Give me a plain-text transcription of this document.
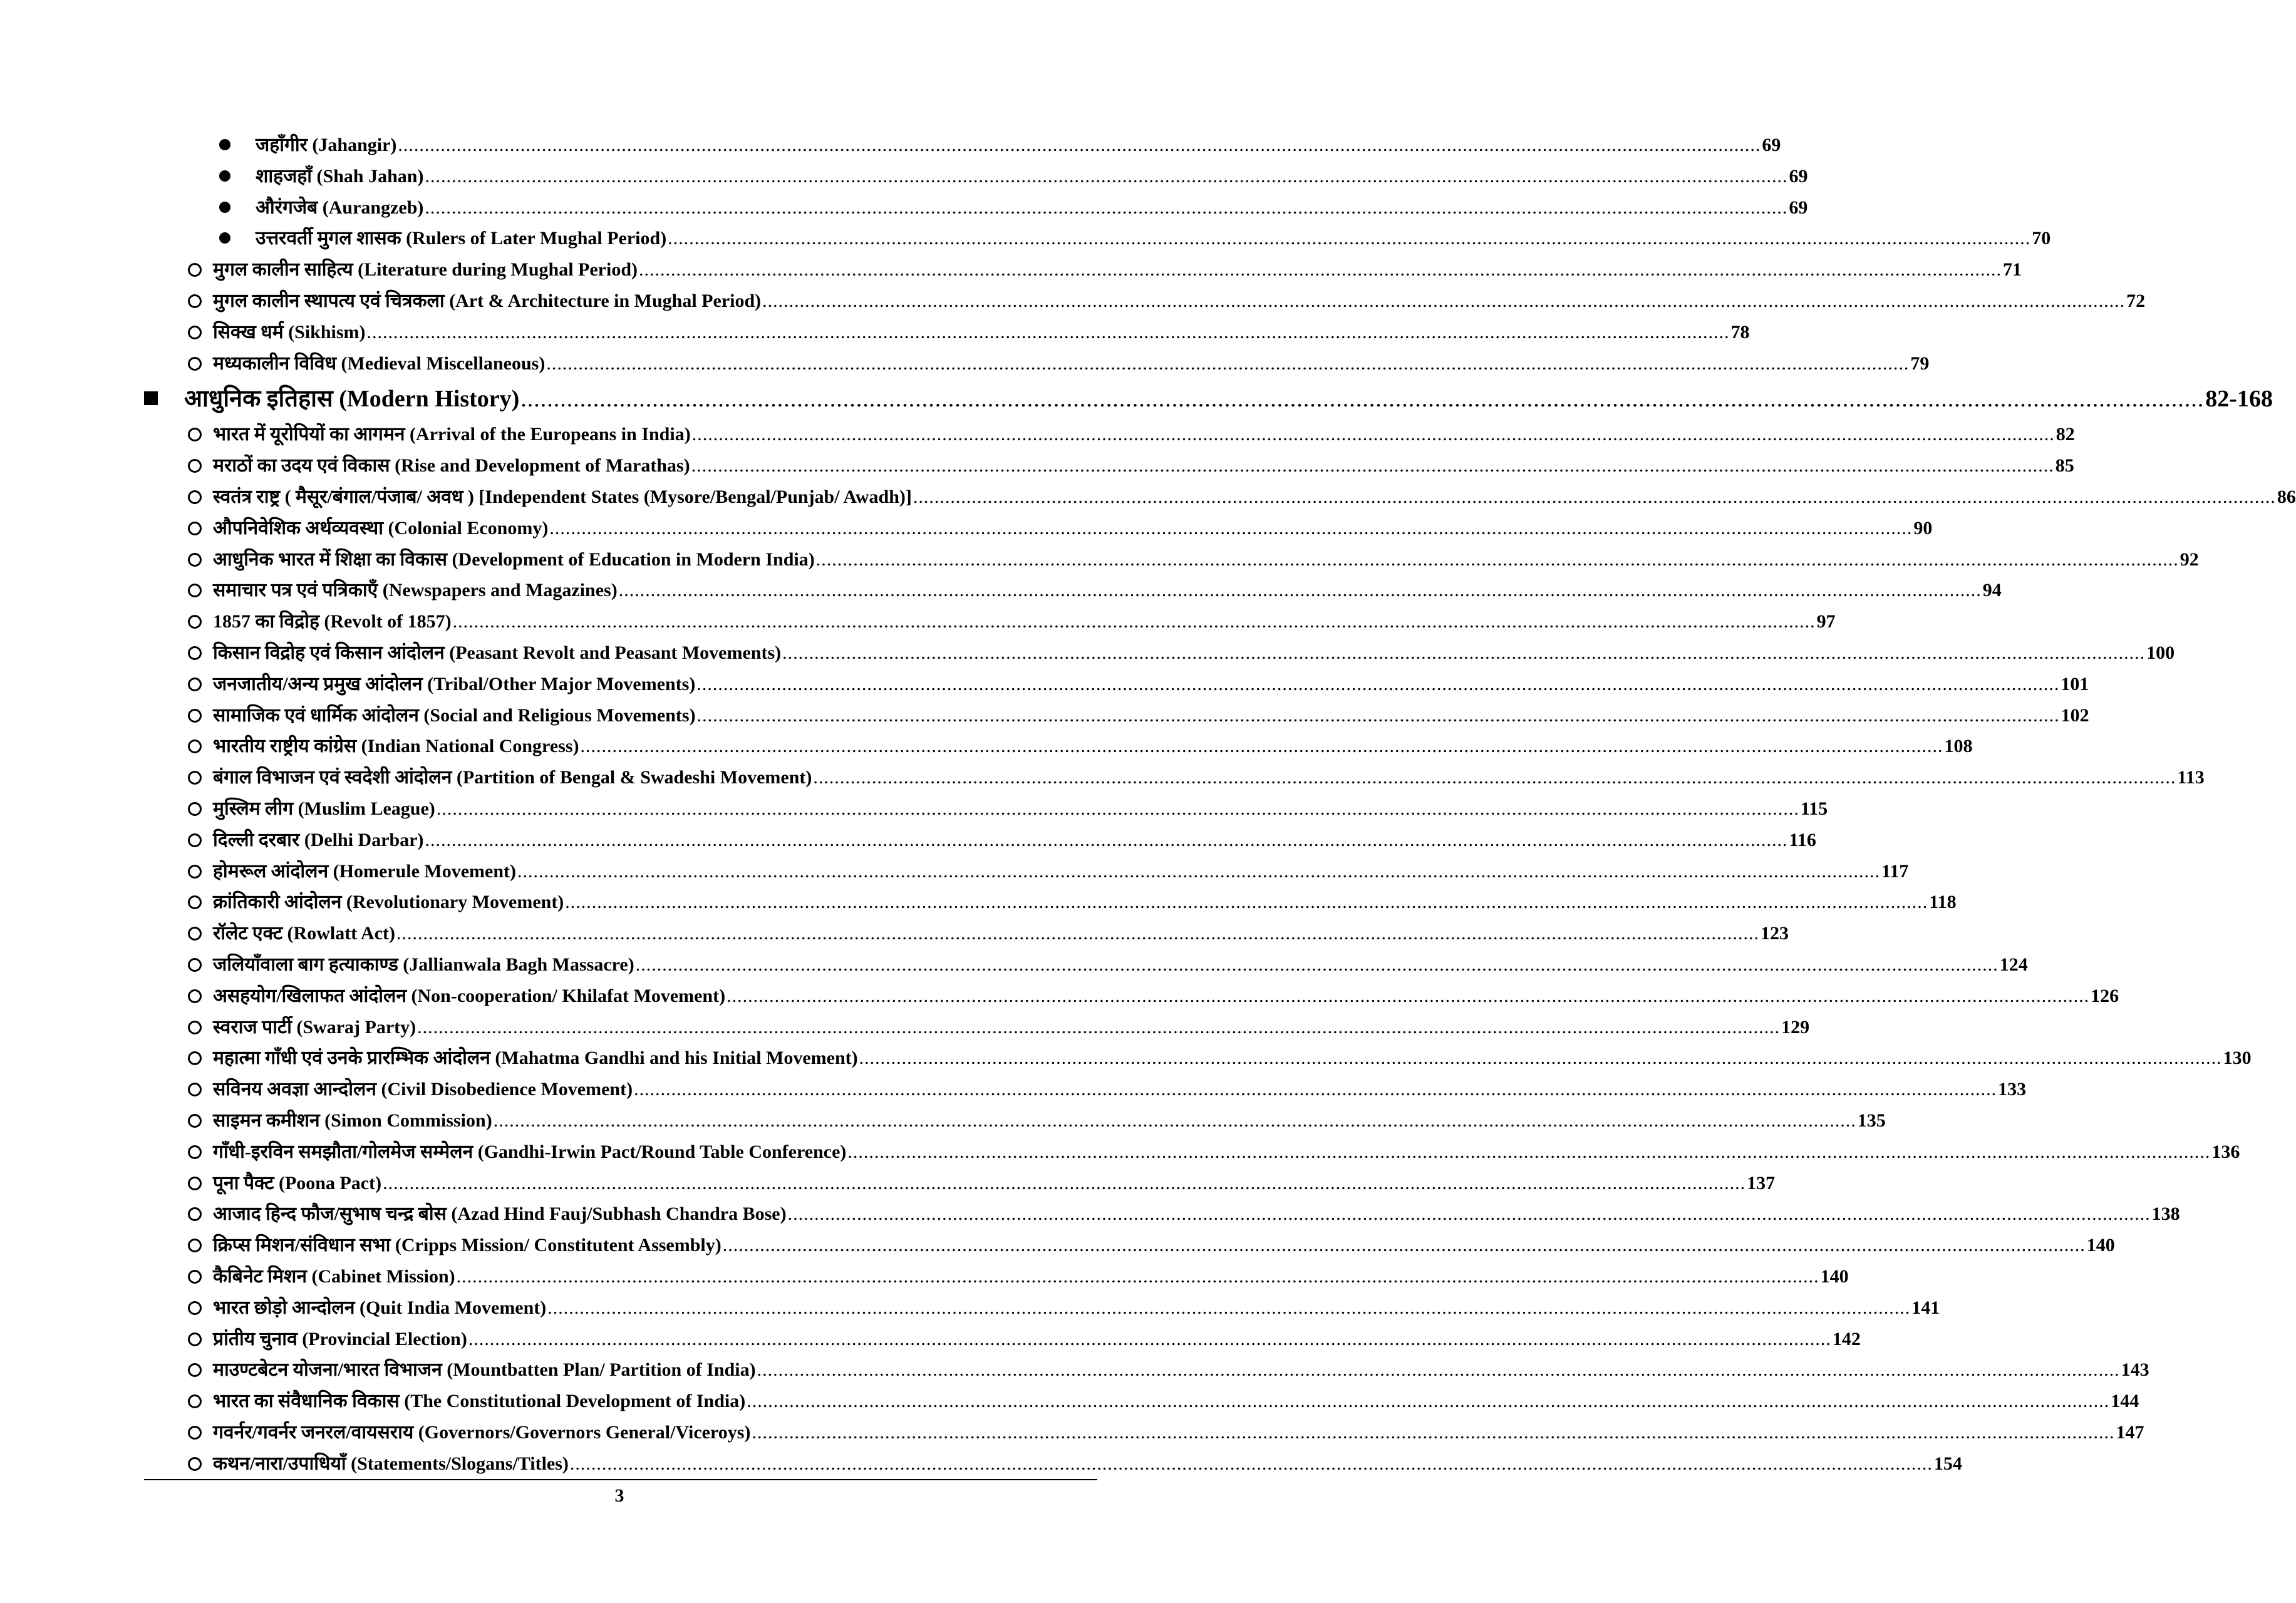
जहाँगीर (Jahangir) .....	69
शाहजहाँ (Shah Jahan) .....	69
औरंगजेब (Aurangzeb) .....	69
उत्तरवर्ती मुगल शासक (Rulers of Later Mughal Period) .....	70
मुगल कालीन साहित्य (Literature during Mughal Period) .....	71
मुगल कालीन स्थापत्य एवं चित्रकला (Art & Architecture in Mughal Period) .....	72
सिक्ख धर्म (Sikhism) .....	78
मध्यकालीन विविध (Medieval Miscellaneous) .....	79
आधुनिक इतिहास (Modern History) .....	82-168
भारत में यूरोपियों का आगमन (Arrival of the Europeans in India) .....	82
मराठों का उदय एवं विकास (Rise and Development of Marathas) .....	85
स्वतंत्र राष्ट्र ( मैसूर/बंगाल/पंजाब/ अवध ) [Independent States (Mysore/Bengal/Punjab/ Awadh)] .....	86
औपनिवेशिक अर्थव्यवस्था (Colonial Economy) .....	90
आधुनिक भारत में शिक्षा का विकास (Development of Education in Modern India) .....	92
समाचार पत्र एवं पत्रिकाएँ (Newspapers and Magazines) .....	94
1857 का विद्रोह (Revolt of 1857) .....	97
किसान विद्रोह एवं किसान आंदोलन (Peasant Revolt and Peasant Movements) .....	100
जनजातीय/अन्य प्रमुख आंदोलन (Tribal/Other Major Movements) .....	101
सामाजिक एवं धार्मिक आंदोलन (Social and Religious Movements) .....	102
भारतीय राष्ट्रीय कांग्रेस (Indian National Congress) .....	108
बंगाल विभाजन एवं स्वदेशी आंदोलन (Partition of Bengal & Swadeshi Movement) .....	113
मुस्लिम लीग (Muslim League) .....	115
दिल्ली दरबार (Delhi Darbar) .....	116
होमरूल आंदोलन (Homerule Movement) .....	117
क्रांतिकारी आंदोलन (Revolutionary Movement) .....	118
रॉलेट एक्ट (Rowlatt Act) .....	123
जलियाँवाला बाग हत्याकाण्ड (Jallianwala Bagh Massacre) .....	124
असहयोग/खिलाफत आंदोलन (Non-cooperation/ Khilafat Movement) .....	126
स्वराज पार्टी (Swaraj Party) .....	129
महात्मा गाँधी एवं उनके प्रारम्भिक आंदोलन (Mahatma Gandhi and his Initial Movement) .....	130
सविनय अवज्ञा आन्दोलन (Civil Disobedience Movement) .....	133
साइमन कमीशन (Simon Commission) .....	135
गाँधी-इरविन समझौता/गोलमेज सम्मेलन (Gandhi-Irwin Pact/Round Table Conference) .....	136
पूना पैक्ट (Poona Pact) .....	137
आजाद हिन्द फौज/सुभाष चन्द्र बोस (Azad Hind Fauj/Subhash Chandra Bose) .....	138
क्रिप्स मिशन/संविधान सभा (Cripps Mission/ Constitutent Assembly) .....	140
कैबिनेट मिशन (Cabinet Mission) .....	140
भारत छोड़ो आन्दोलन (Quit India Movement) .....	141
प्रांतीय चुनाव (Provincial Election) .....	142
माउण्टबेटन योजना/भारत विभाजन (Mountbatten Plan/ Partition of India) .....	143
भारत का संवैधानिक विकास (The Constitutional Development of India) .....	144
गवर्नर/गवर्नर जनरल/वायसराय (Governors/Governors General/Viceroys) .....	147
कथन/नारा/उपाधियाँ (Statements/Slogans/Titles) .....	154
3
